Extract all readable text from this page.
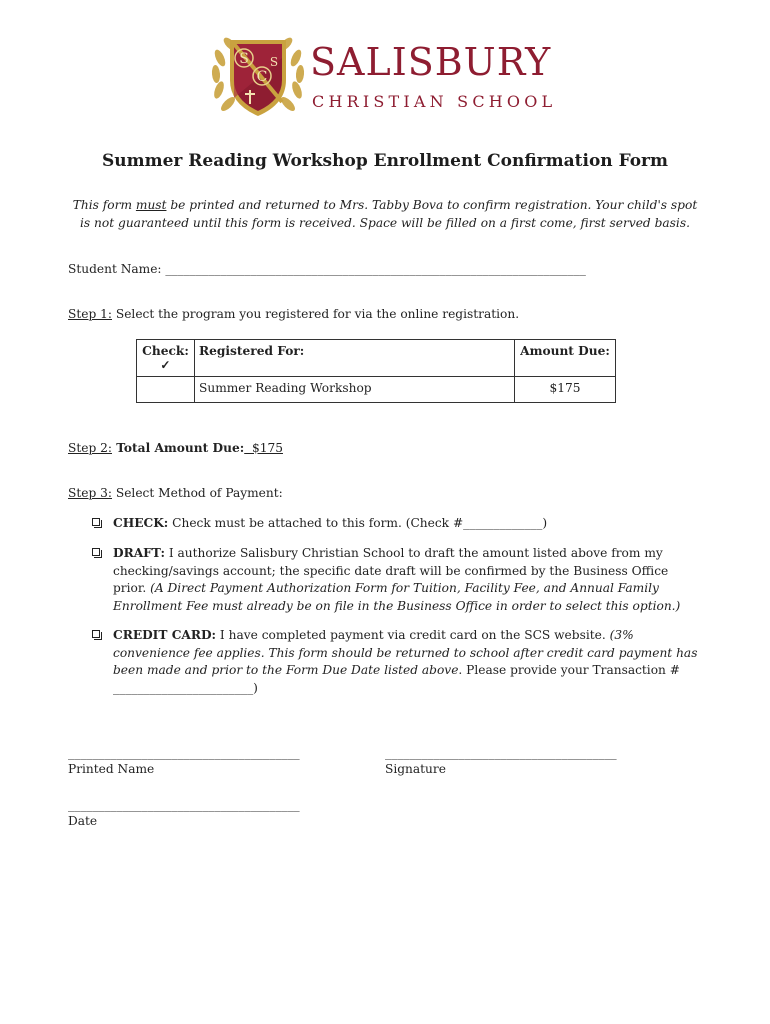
S
C
S SALISBURY
CHRISTIAN SCHOOL
Summer Reading Workshop Enrollment Confirmation Form
This form must be printed and returned to Mrs. Tabby Bova to confirm registration. Your child's spot is not guaranteed until this form is received. Space will be filled on a first come, first served basis.
Student Name: _____________________________________________________________________
Step 1: Select the program you registered for via the online registration.
Check:
✓	Registered For:	Amount Due:
	Summer Reading Workshop	$175
Step 2: Total Amount Due:  $175
Step 3: Select Method of Payment:
CHECK: Check must be attached to this form. (Check #_____________)
DRAFT: I authorize Salisbury Christian School to draft the amount listed above from my checking/savings account; the specific date draft will be confirmed by the Business Office prior. (A Direct Payment Authorization Form for Tuition, Facility Fee, and Annual Family Enrollment Fee must already be on file in the Business Office in order to select this option.)
CREDIT CARD: I have completed payment via credit card on the SCS website. (3% convenience fee applies. This form should be returned to school after credit card payment has been made and prior to the Form Due Date listed above. Please provide your Transaction # _______________________)
______________________________________
Printed Name
______________________________________
Signature
______________________________________
Date
